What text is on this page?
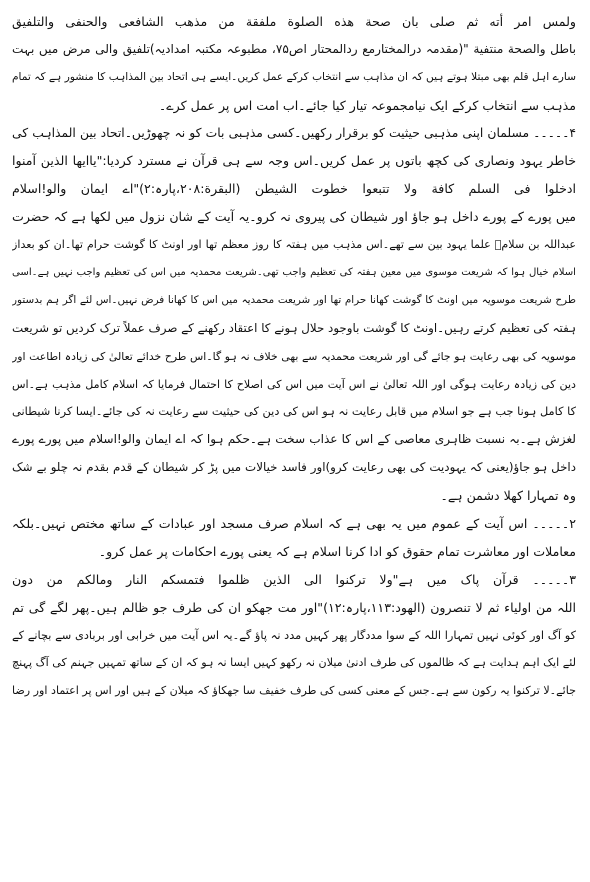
ولمس امر أته ثم صلی بان صحة هذه الصلوة ملفقة من مذهب الشافعی والحنفی والتلفیق
باطل والصحة منتفیة "(مقدمہ درالمختارمع ردالمحتار اص۷۵، مطبوعہ مکتبہ امدادیہ)تلفیق والی مرض میں بہت
سارے اہل قلم بھی مبتلا ہوتے ہیں کہ ان مذاہب سے انتخاب کرکے عمل کریں۔ایسے ہی اتحاد بین المذاہب کا منشور ہے کہ تمام
مذہب سے انتخاب کرکے ایک نیامجموعہ تیار کیا جائے۔اب امت اس پر عمل کرے۔
۴۔۔۔۔۔ مسلمان اپنی مذہبی حیثیت کو برقرار رکھیں۔کسی مذہبی بات کو نہ چھوڑیں۔اتحاد بین المذاہب کی
خاطر یہود ونصاری کی کچھ باتوں پر عمل کریں۔اس وجہ سے ہی قرآن نے مسترد کردیا:"یاایھا الذین آمنوا
ادخلوا فی السلم کافة ولا تتبعوا خطوت الشیطن (البقرة:۲۰۸،پارہ:۲)"اے ایمان والو!اسلام
میں پورے کے پورے داخل ہو جاؤ اور شیطان کی پیروی نہ کرو۔یہ آیت کے شان نزول میں لکھا ہے کہ حضرت
عبداللہ بن سلامؓ علما یہود بین سے تھے۔اس مذہب میں ہفتہ کا روز معظم تھا اور اونٹ کا گوشت حرام تھا۔ان کو بعداز
اسلام خیال ہوا کہ شریعت موسوی میں معین ہفتہ کی تعظیم واجب تھی۔شریعت محمدیہ میں اس کی تعظیم واجب نہیں ہے۔اسی
طرح شریعت موسویہ میں اونٹ کا گوشت کھانا حرام تھا اور شریعت محمدیہ میں اس کا کھانا فرض نہیں۔اس لئے اگر ہم بدستور
ہفتہ کی تعظیم کرتے رہیں۔اونٹ کا گوشت باوجود حلال ہونے کا اعتقاد رکھنے کے صرف عملاً ترک کردیں تو شریعت
موسویہ کی بھی رعایت ہو جائے گی اور شریعت محمدیہ سے بھی خلاف نہ ہو گا۔اس طرح خدائے تعالیٰ کی زیادہ اطاعت اور
دین کی زیادہ رعایت ہوگی اور اللہ تعالیٰ نے اس آیت میں اس کی اصلاح کا احتمال فرمایا کہ اسلام کامل مذہب ہے۔اس
کا کامل ہونا جب ہے جو اسلام میں قابل رعایت نہ ہو اس کی دین کی حیثیت سے رعایت نہ کی جائے۔ایسا کرنا شیطانی
لغزش ہے۔بہ نسبت ظاہری معاصی کے اس کا عذاب سخت ہے۔حکم ہوا کہ اے ایمان والو!اسلام میں پورے پورے
داخل ہو جاؤ(یعنی کہ یہودیت کی بھی رعایت کرو)اور فاسد خیالات میں پڑ کر شیطان کے قدم بقدم نہ چلو بے شک
وہ تمہارا کھلا دشمن ہے۔
۲۔۔۔۔۔ اس آیت کے عموم میں یہ بھی ہے کہ اسلام صرف مسجد اور عبادات کے ساتھ مختص نہیں۔بلکہ
معاملات اور معاشرت تمام حقوق کو ادا کرنا اسلام ہے کہ یعنی پورے احکامات پر عمل کرو۔
۳۔۔۔۔۔ قرآن پاک میں ہے"ولا ترکنوا الی الذین ظلموا فتمسکم النار ومالکم من دون
اللہ من اولیاء ثم لا تنصرون (الهود:۱۱۳،پارہ:۱۲)"اور مت جھکو ان کی طرف جو ظالم ہیں۔پھر لگے گی تم
کو آگ اور کوئی نہیں تمہارا اللہ کے سوا مددگار پھر کہیں مدد نہ پاؤ گے۔یہ اس آیت میں خرابی اور بربادی سے بچانے کے
لئے ایک اہم ہدایت ہے کہ ظالموں کی طرف ادنیٰ میلان نہ رکھو کہیں ایسا نہ ہو کہ ان کے ساتھ تمہیں جہنم کی آگ پہنچ
جائے۔لا ترکنوا یہ رکون سے ہے۔جس کے معنی کسی کی طرف خفیف سا جھکاؤ کہ میلان کے ہیں اور اس پر اعتماد اور رضا
